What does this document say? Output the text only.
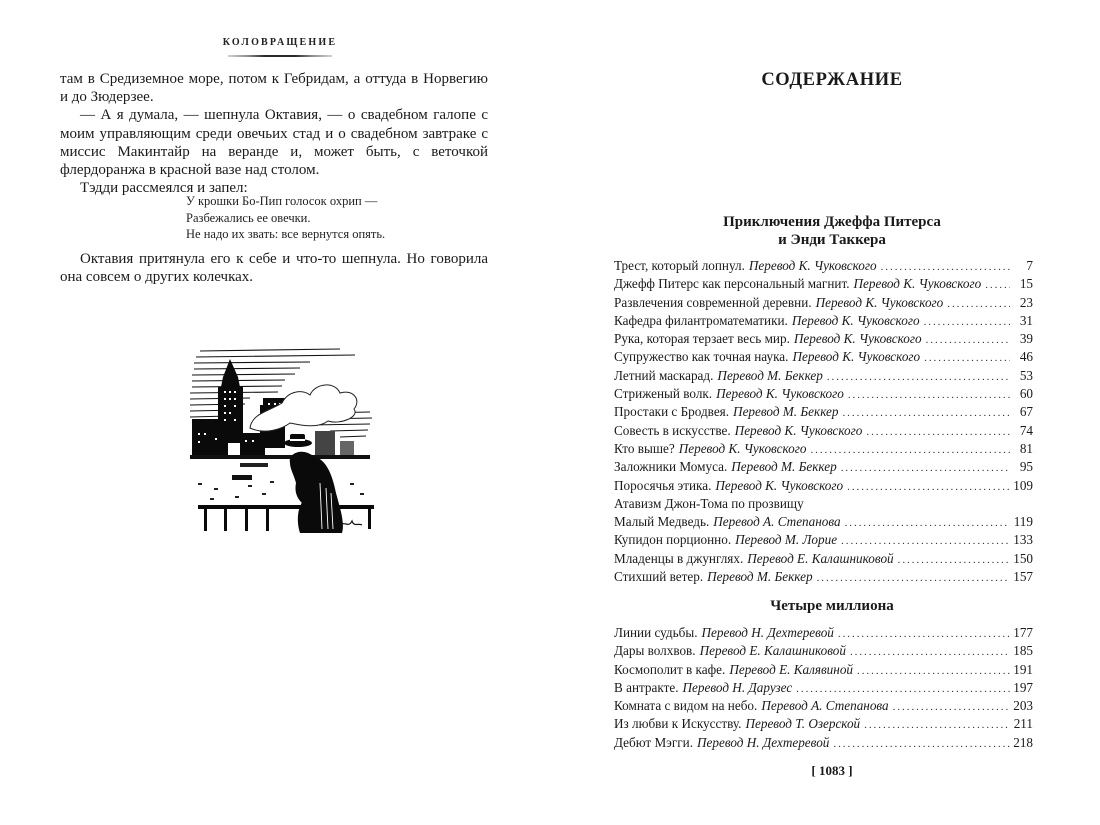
КОЛОВРАЩЕНИЕ

там в Средиземное море, потом к Гебридам, а оттуда в Норвегию и до Зюдерзее.

— А я думала, — шепнула Октавия, — о свадебном галопе с моим управляющим среди овечьих стад и о свадебном завтраке с миссис Макинтайр на веранде и, может быть, с веточкой флердоранжа в красной вазе над столом.

Тэдди рассмеялся и запел:

У крошки Бо-Пип голосок охрип —
Разбежались ее овечки.
Не надо их звать: все вернутся опять.

Октавия притянула его к себе и что-то шепнула. Но говорила она совсем о других колечках.

СОДЕРЖАНИЕ
Приключения Джеффа Питерса
и Энди Таккера
Трест, который лопнул. Перевод К. Чуковского . . .	7
Джефф Питерс как персональный магнит. Перевод К. Чуковского . . .	15
Развлечения современной деревни. Перевод К. Чуковского . . .	23
Кафедра филантроматематики. Перевод К. Чуковского . . .	31
Рука, которая терзает весь мир. Перевод К. Чуковского . . .	39
Супружество как точная наука. Перевод К. Чуковского . . .	46
Летний маскарад. Перевод М. Беккер . . .	53
Стриженый волк. Перевод К. Чуковского . . .	60
Простаки с Бродвея. Перевод М. Беккер . . .	67
Совесть в искусстве. Перевод К. Чуковского . . .	74
Кто выше? Перевод К. Чуковского . . .	81
Заложники Момуса. Перевод М. Беккер . . .	95
Поросячья этика. Перевод К. Чуковского . . .	109
Атавизм Джон-Тома по прозвищу
Малый Медведь. Перевод А. Степанова . . .	119
Купидон порционно. Перевод М. Лорие . . .	133
Младенцы в джунглях. Перевод Е. Калашниковой . . .	150
Стихший ветер. Перевод М. Беккер . . .	157
Четыре миллиона
Линии судьбы. Перевод Н. Дехтеревой . . .	177
Дары волхвов. Перевод Е. Калашниковой . . .	185
Космополит в кафе. Перевод Е. Калявиной . . .	191
В антракте. Перевод Н. Дарузес . . .	197
Комната с видом на небо. Перевод А. Степанова . . .	203
Из любви к Искусству. Перевод Т. Озерской . . .	211
Дебют Мэгги. Перевод Н. Дехтеревой . . .	218
[ 1083 ]
